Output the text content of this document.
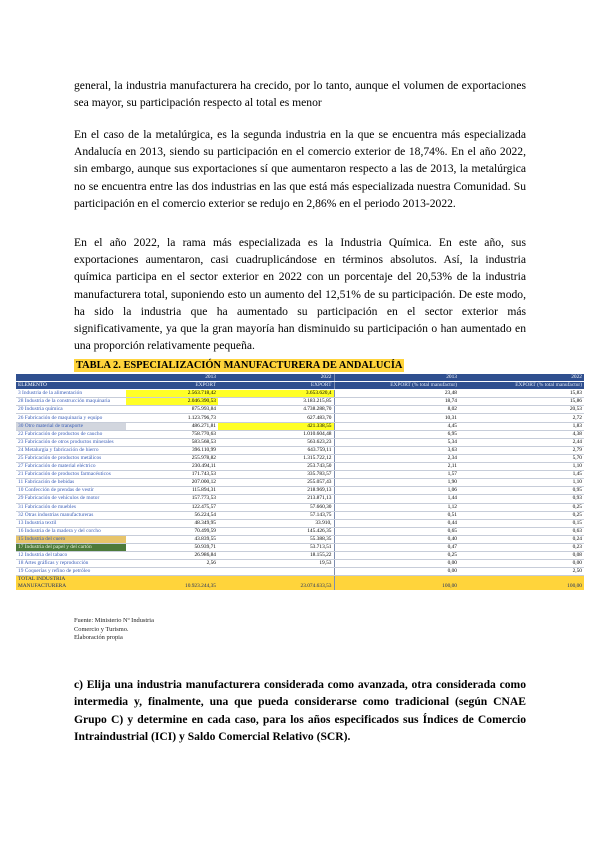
general, la industria manufacturera ha crecido, por lo tanto, aunque el volumen de exportaciones sea mayor, su participación respecto al total es menor

En el caso de la metalúrgica, es la segunda industria en la que se encuentra más especializada Andalucía en 2013, siendo su participación en el comercio exterior de 18,74%. En el año 2022, sin embargo, aunque sus exportaciones sí que aumentaron respecto a las de 2013, la metalúrgica no se encuentra entre las dos industrias en las que está más especializada nuestra Comunidad. Su participación en el comercio exterior se redujo en 2,86% en el periodo 2013-2022.

En el año 2022, la rama más especializada es la Industria Química. En este año, sus exportaciones aumentaron, casi cuadruplicándose en términos absolutos. Así, la industria química participa en el sector exterior en 2022 con un porcentaje del 20,53% de la industria manufacturera total, suponiendo esto un aumento del 12,51% de su participación. De este modo, ha sido la industria que ha aumentado su participación en el sector exterior más significativamente, ya que la gran mayoría han disminuido su participación o han aumentado en una proporción relativamente pequeña.

TABLA 2. ESPECIALIZACIÓN MANUFACTURERA DE ANDALUCÍA
	2013	2022	2013	2022
ELEMENTO	EXPORT	EXPORT	EXPORT (% total manufactur)	EXPORT (% total manufactur)
3 Industria de la alimentación	2.563.718,42	3.653.620,4	23,48	15,83
28 Industria de la construcción maquinaria	2.046.390,53	3.183.215,85	18,74	15,86
20 Industria química	875.993,84	4.738.288,70	8,02	20,53
26 Fabricación de maquinaria y equipo	1.123.796,73	627.483,70	10,31	2,72
30 Otro material de transporte	486.271,81	421.338,55	4,45	1,83
22 Fabricación de productos de caucho	758.770,63	1.010.604,48	6,95	4,38
23 Fabricación de otros productos minerales	583.568,53	563.623,23	5,34	2,44
24 Metalurgia y fabricación de hierro	396.110,99	643.759,11	3,63	2,79
25 Fabricación de productos metálicos	255.978,82	1.315.722,12	2,34	5,70
27 Fabricación de material eléctrico	230.494,11	253.743,50	2,11	1,10
21 Fabricación de productos farmacéuticos	171.743,53	335.783,57	1,57	1,45
11 Fabricación de bebidas	207.000,12	255.057,43	1,90	1,10
10 Confección de prendas de vestir	115.894,31	218.969,13	1,06	0,95
29 Fabricación de vehículos de motor	157.773,53	213.871,13	1,44	0,93
31 Fabricación de muebles	122.475,57	57.660,30	1,12	0,25
32 Otras industrias manufactureras	56.224,54	57.143,75	0,51	0,25
13 Industria textil	48.349,95	33.910,	0,44	0,15
16 Industria de la madera y del corcho	70.499,59	145.426,35	0,65	0,63
15 Industria del cuero	43.839,55	55.388,35	0,40	0,24
17 Industria del papel y del cartón	50.939,71	53.713,51	0,47	0,23
12 Industria del tabaco	26.986,84	18.155,22	0,25	0,08
18 Artes gráficas y reproducción	2,56	19,53	0,00	0,00
19 Coquerías y refino de petróleo			0,00	2,50
TOTAL INDUSTRIA
MANUFACTURERA	10.923.244,35	23.074.633,53	100,00	100,00
Fuente: Ministerio Nº Industria Comercio y Turismo. Elaboración propia

c) Elija una industria manufacturera considerada como avanzada, otra considerada como intermedia y, finalmente, una que pueda considerarse como tradicional (según CNAE Grupo C) y determine en cada caso, para los años especificados sus Índices de Comercio Intraindustrial (ICI) y Saldo Comercial Relativo (SCR).
